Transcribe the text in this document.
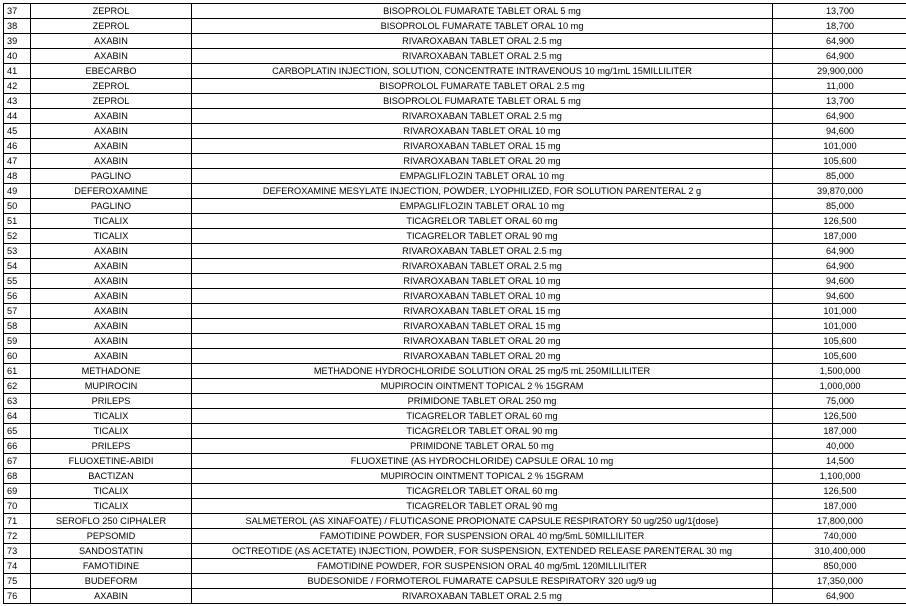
37	ZEPROL	BISOPROLOL FUMARATE TABLET ORAL 5 mg	13,700
38	ZEPROL	BISOPROLOL FUMARATE TABLET ORAL 10 mg	18,700
39	AXABIN	RIVAROXABAN TABLET ORAL 2.5 mg	64,900
40	AXABIN	RIVAROXABAN TABLET ORAL 2.5 mg	64,900
41	EBECARBO	CARBOPLATIN INJECTION, SOLUTION, CONCENTRATE INTRAVENOUS 10 mg/1mL 15MILLILITER	29,900,000
42	ZEPROL	BISOPROLOL FUMARATE TABLET ORAL 2.5 mg	11,000
43	ZEPROL	BISOPROLOL FUMARATE TABLET ORAL 5 mg	13,700
44	AXABIN	RIVAROXABAN TABLET ORAL 2.5 mg	64,900
45	AXABIN	RIVAROXABAN TABLET ORAL 10 mg	94,600
46	AXABIN	RIVAROXABAN TABLET ORAL 15 mg	101,000
47	AXABIN	RIVAROXABAN TABLET ORAL 20 mg	105,600
48	PAGLINO	EMPAGLIFLOZIN TABLET ORAL 10 mg	85,000
49	DEFEROXAMINE	DEFEROXAMINE MESYLATE INJECTION, POWDER, LYOPHILIZED, FOR SOLUTION PARENTERAL 2 g	39,870,000
50	PAGLINO	EMPAGLIFLOZIN TABLET ORAL 10 mg	85,000
51	TICALIX	TICAGRELOR TABLET ORAL 60 mg	126,500
52	TICALIX	TICAGRELOR TABLET ORAL 90 mg	187,000
53	AXABIN	RIVAROXABAN TABLET ORAL 2.5 mg	64,900
54	AXABIN	RIVAROXABAN TABLET ORAL 2.5 mg	64,900
55	AXABIN	RIVAROXABAN TABLET ORAL 10 mg	94,600
56	AXABIN	RIVAROXABAN TABLET ORAL 10 mg	94,600
57	AXABIN	RIVAROXABAN TABLET ORAL 15 mg	101,000
58	AXABIN	RIVAROXABAN TABLET ORAL 15 mg	101,000
59	AXABIN	RIVAROXABAN TABLET ORAL 20 mg	105,600
60	AXABIN	RIVAROXABAN TABLET ORAL 20 mg	105,600
61	METHADONE	METHADONE HYDROCHLORIDE SOLUTION ORAL 25 mg/5 mL 250MILLILITER	1,500,000
62	MUPIROCIN	MUPIROCIN OINTMENT TOPICAL 2 % 15GRAM	1,000,000
63	PRILEPS	PRIMIDONE TABLET ORAL 250 mg	75,000
64	TICALIX	TICAGRELOR TABLET ORAL 60 mg	126,500
65	TICALIX	TICAGRELOR TABLET ORAL 90 mg	187,000
66	PRILEPS	PRIMIDONE TABLET ORAL 50 mg	40,000
67	FLUOXETINE-ABIDI	FLUOXETINE (AS HYDROCHLORIDE) CAPSULE ORAL 10 mg	14,500
68	BACTIZAN	MUPIROCIN OINTMENT TOPICAL 2 % 15GRAM	1,100,000
69	TICALIX	TICAGRELOR TABLET ORAL 60 mg	126,500
70	TICALIX	TICAGRELOR TABLET ORAL 90 mg	187,000
71	SEROFLO 250 CIPHALER	SALMETEROL (AS XINAFOATE) / FLUTICASONE PROPIONATE CAPSULE RESPIRATORY 50 ug/250 ug/1{dose}	17,800,000
72	PEPSOMID	FAMOTIDINE POWDER, FOR SUSPENSION ORAL 40 mg/5mL 50MILLILITER	740,000
73	SANDOSTATIN	OCTREOTIDE (AS ACETATE) INJECTION, POWDER, FOR SUSPENSION, EXTENDED RELEASE PARENTERAL 30 mg	310,400,000
74	FAMOTIDINE	FAMOTIDINE POWDER, FOR SUSPENSION ORAL 40 mg/5mL 120MILLILITER	850,000
75	BUDEFORM	BUDESONIDE / FORMOTEROL FUMARATE CAPSULE RESPIRATORY 320 ug/9 ug	17,350,000
76	AXABIN	RIVAROXABAN TABLET ORAL 2.5 mg	64,900
